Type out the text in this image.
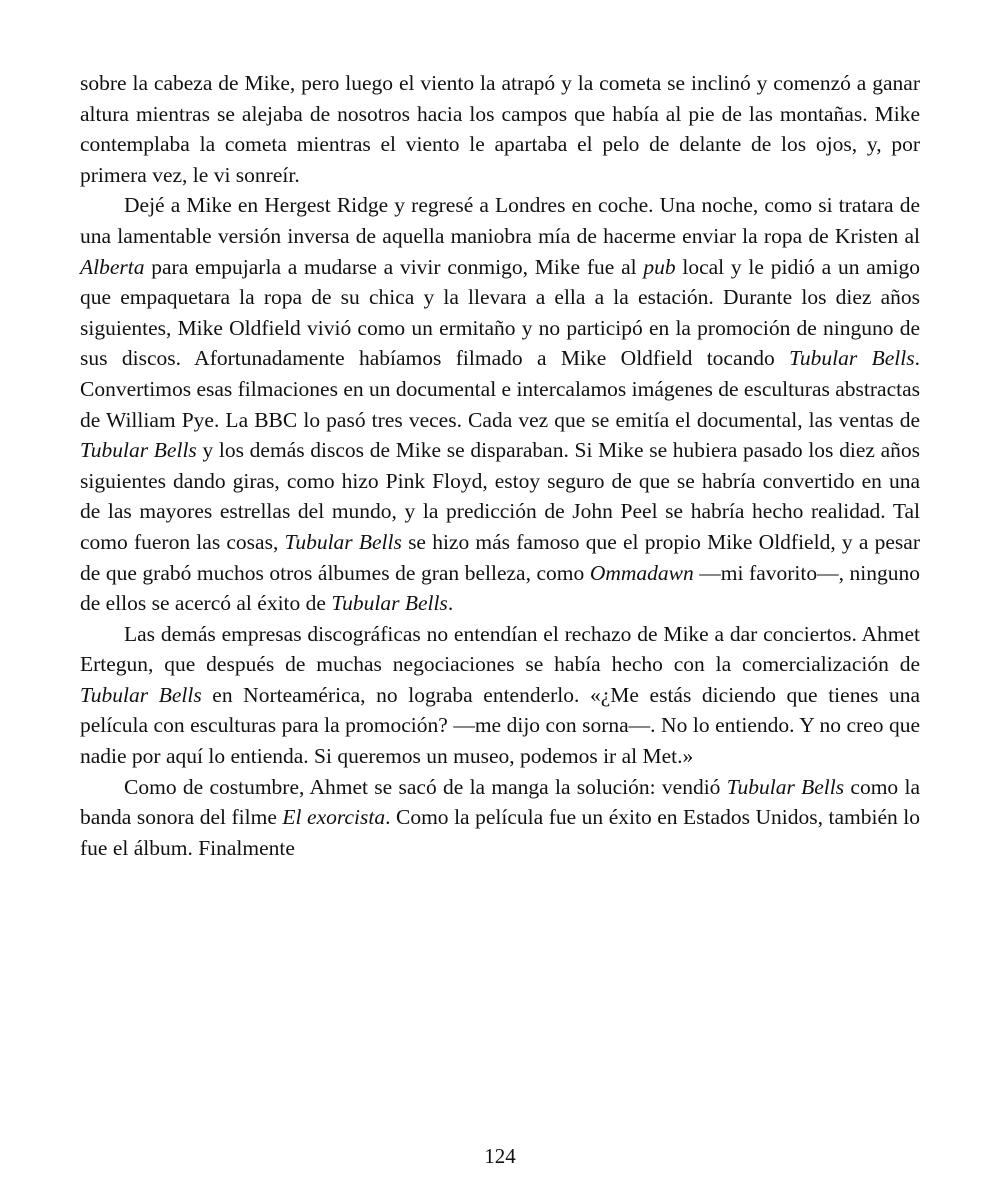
sobre la cabeza de Mike, pero luego el viento la atrapó y la cometa se inclinó y comenzó a ganar altura mientras se alejaba de nosotros hacia los campos que había al pie de las montañas. Mike contemplaba la cometa mientras el viento le apartaba el pelo de delante de los ojos, y, por primera vez, le vi sonreír.

Dejé a Mike en Hergest Ridge y regresé a Londres en coche. Una noche, como si tratara de una lamentable versión inversa de aquella maniobra mía de hacerme enviar la ropa de Kristen al Alberta para empujarla a mudarse a vivir conmigo, Mike fue al pub local y le pidió a un amigo que empaquetara la ropa de su chica y la llevara a ella a la estación. Durante los diez años siguientes, Mike Oldfield vivió como un ermitaño y no participó en la promoción de ninguno de sus discos. Afortunadamente habíamos filmado a Mike Oldfield tocando Tubular Bells. Convertimos esas filmaciones en un documental e intercalamos imágenes de esculturas abstractas de William Pye. La BBC lo pasó tres veces. Cada vez que se emitía el documental, las ventas de Tubular Bells y los demás discos de Mike se disparaban. Si Mike se hubiera pasado los diez años siguientes dando giras, como hizo Pink Floyd, estoy seguro de que se habría convertido en una de las mayores estrellas del mundo, y la predicción de John Peel se habría hecho realidad. Tal como fueron las cosas, Tubular Bells se hizo más famoso que el propio Mike Oldfield, y a pesar de que grabó muchos otros álbumes de gran belleza, como Ommadawn —mi favorito—, ninguno de ellos se acercó al éxito de Tubular Bells.

Las demás empresas discográficas no entendían el rechazo de Mike a dar conciertos. Ahmet Ertegun, que después de muchas negociaciones se había hecho con la comercialización de Tubular Bells en Norteamérica, no lograba entenderlo. «¿Me estás diciendo que tienes una película con esculturas para la promoción? —me dijo con sorna—. No lo entiendo. Y no creo que nadie por aquí lo entienda. Si queremos un museo, podemos ir al Met.»

Como de costumbre, Ahmet se sacó de la manga la solución: vendió Tubular Bells como la banda sonora del filme El exorcista. Como la película fue un éxito en Estados Unidos, también lo fue el álbum. Finalmente

124
